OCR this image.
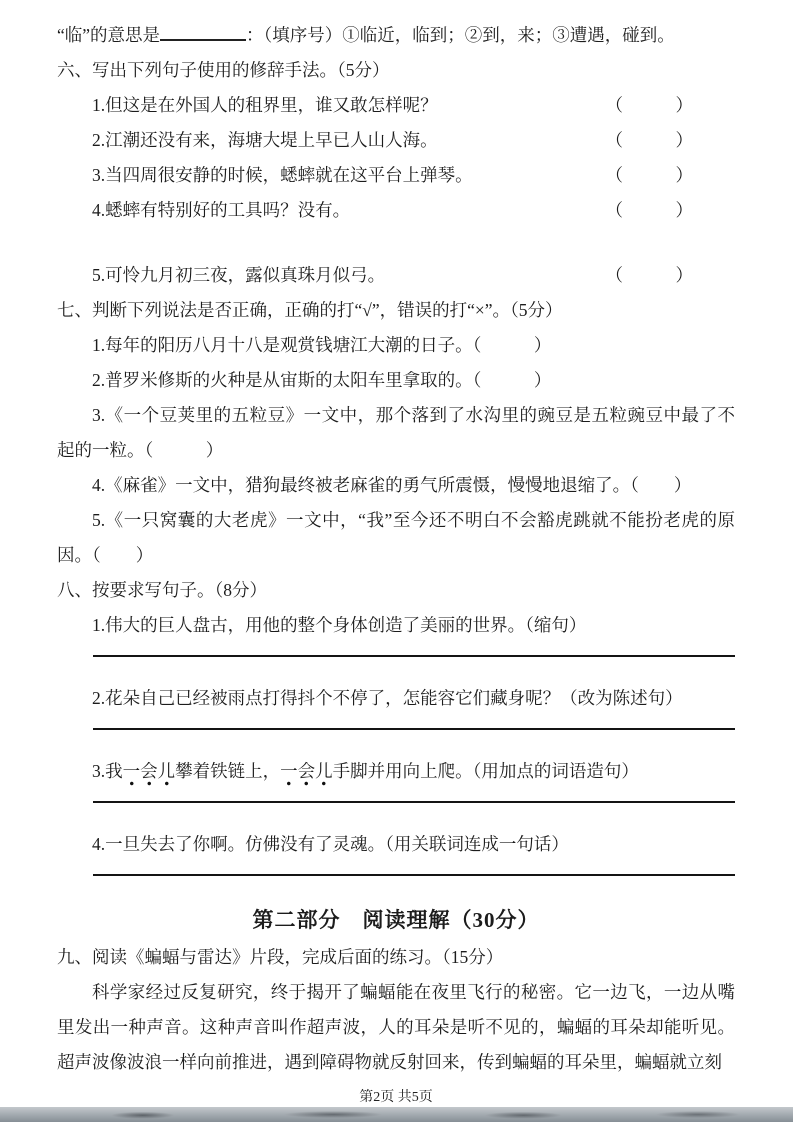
“临”的意思是	：（填序号）①临近，临到；②到，来；③遭遇，碰到。
六、写出下列句子使用的修辞手法。（5分）
1.但这是在外国人的租界里，谁又敢怎样呢？	（　　　）
2.江潮还没有来，海塘大堤上早已人山人海。	（　　　）
3.当四周很安静的时候，蟋蟀就在这平台上弹琴。	（　　　）
4.蟋蟀有特别好的工具吗？没有。	（　　　）
5.可怜九月初三夜，露似真珠月似弓。	（　　　）
七、判断下列说法是否正确，正确的打“√”，错误的打“×”。（5分）
1.每年的阳历八月十八是观赏钱塘江大潮的日子。（　　　）
2.普罗米修斯的火种是从宙斯的太阳车里拿取的。（　　　）
3.《一个豆荚里的五粒豆》一文中，那个落到了水沟里的豌豆是五粒豌豆中最了不起的一粒。（　　　）
4.《麻雀》一文中，猎狗最终被老麻雀的勇气所震慑，慢慢地退缩了。（　　）
5.《一只窝囊的大老虎》一文中，“我”至今还不明白不会豁虎跳就不能扮老虎的原因。（　　）
八、按要求写句子。（8分）
1.伟大的巨人盘古，用他的整个身体创造了美丽的世界。（缩句）
2.花朵自己已经被雨点打得抖个不停了，怎能容它们藏身呢？（改为陈述句）
3.我一会儿攀着铁链上，一会儿手脚并用向上爬。（用加点的词语造句）
4.一旦失去了你啊。仿佛没有了灵魂。（用关联词连成一句话）
第二部分　阅读理解（30分）
九、阅读《蝙蝠与雷达》片段，完成后面的练习。（15分）
科学家经过反复研究，终于揭开了蝙蝠能在夜里飞行的秘密。它一边飞，一边从嘴里发出一种声音。这种声音叫作超声波，人的耳朵是听不见的，蝙蝠的耳朵却能听见。超声波像波浪一样向前推进，遇到障碍物就反射回来，传到蝙蝠的耳朵里，蝙蝠就立刻
第2页 共5页
